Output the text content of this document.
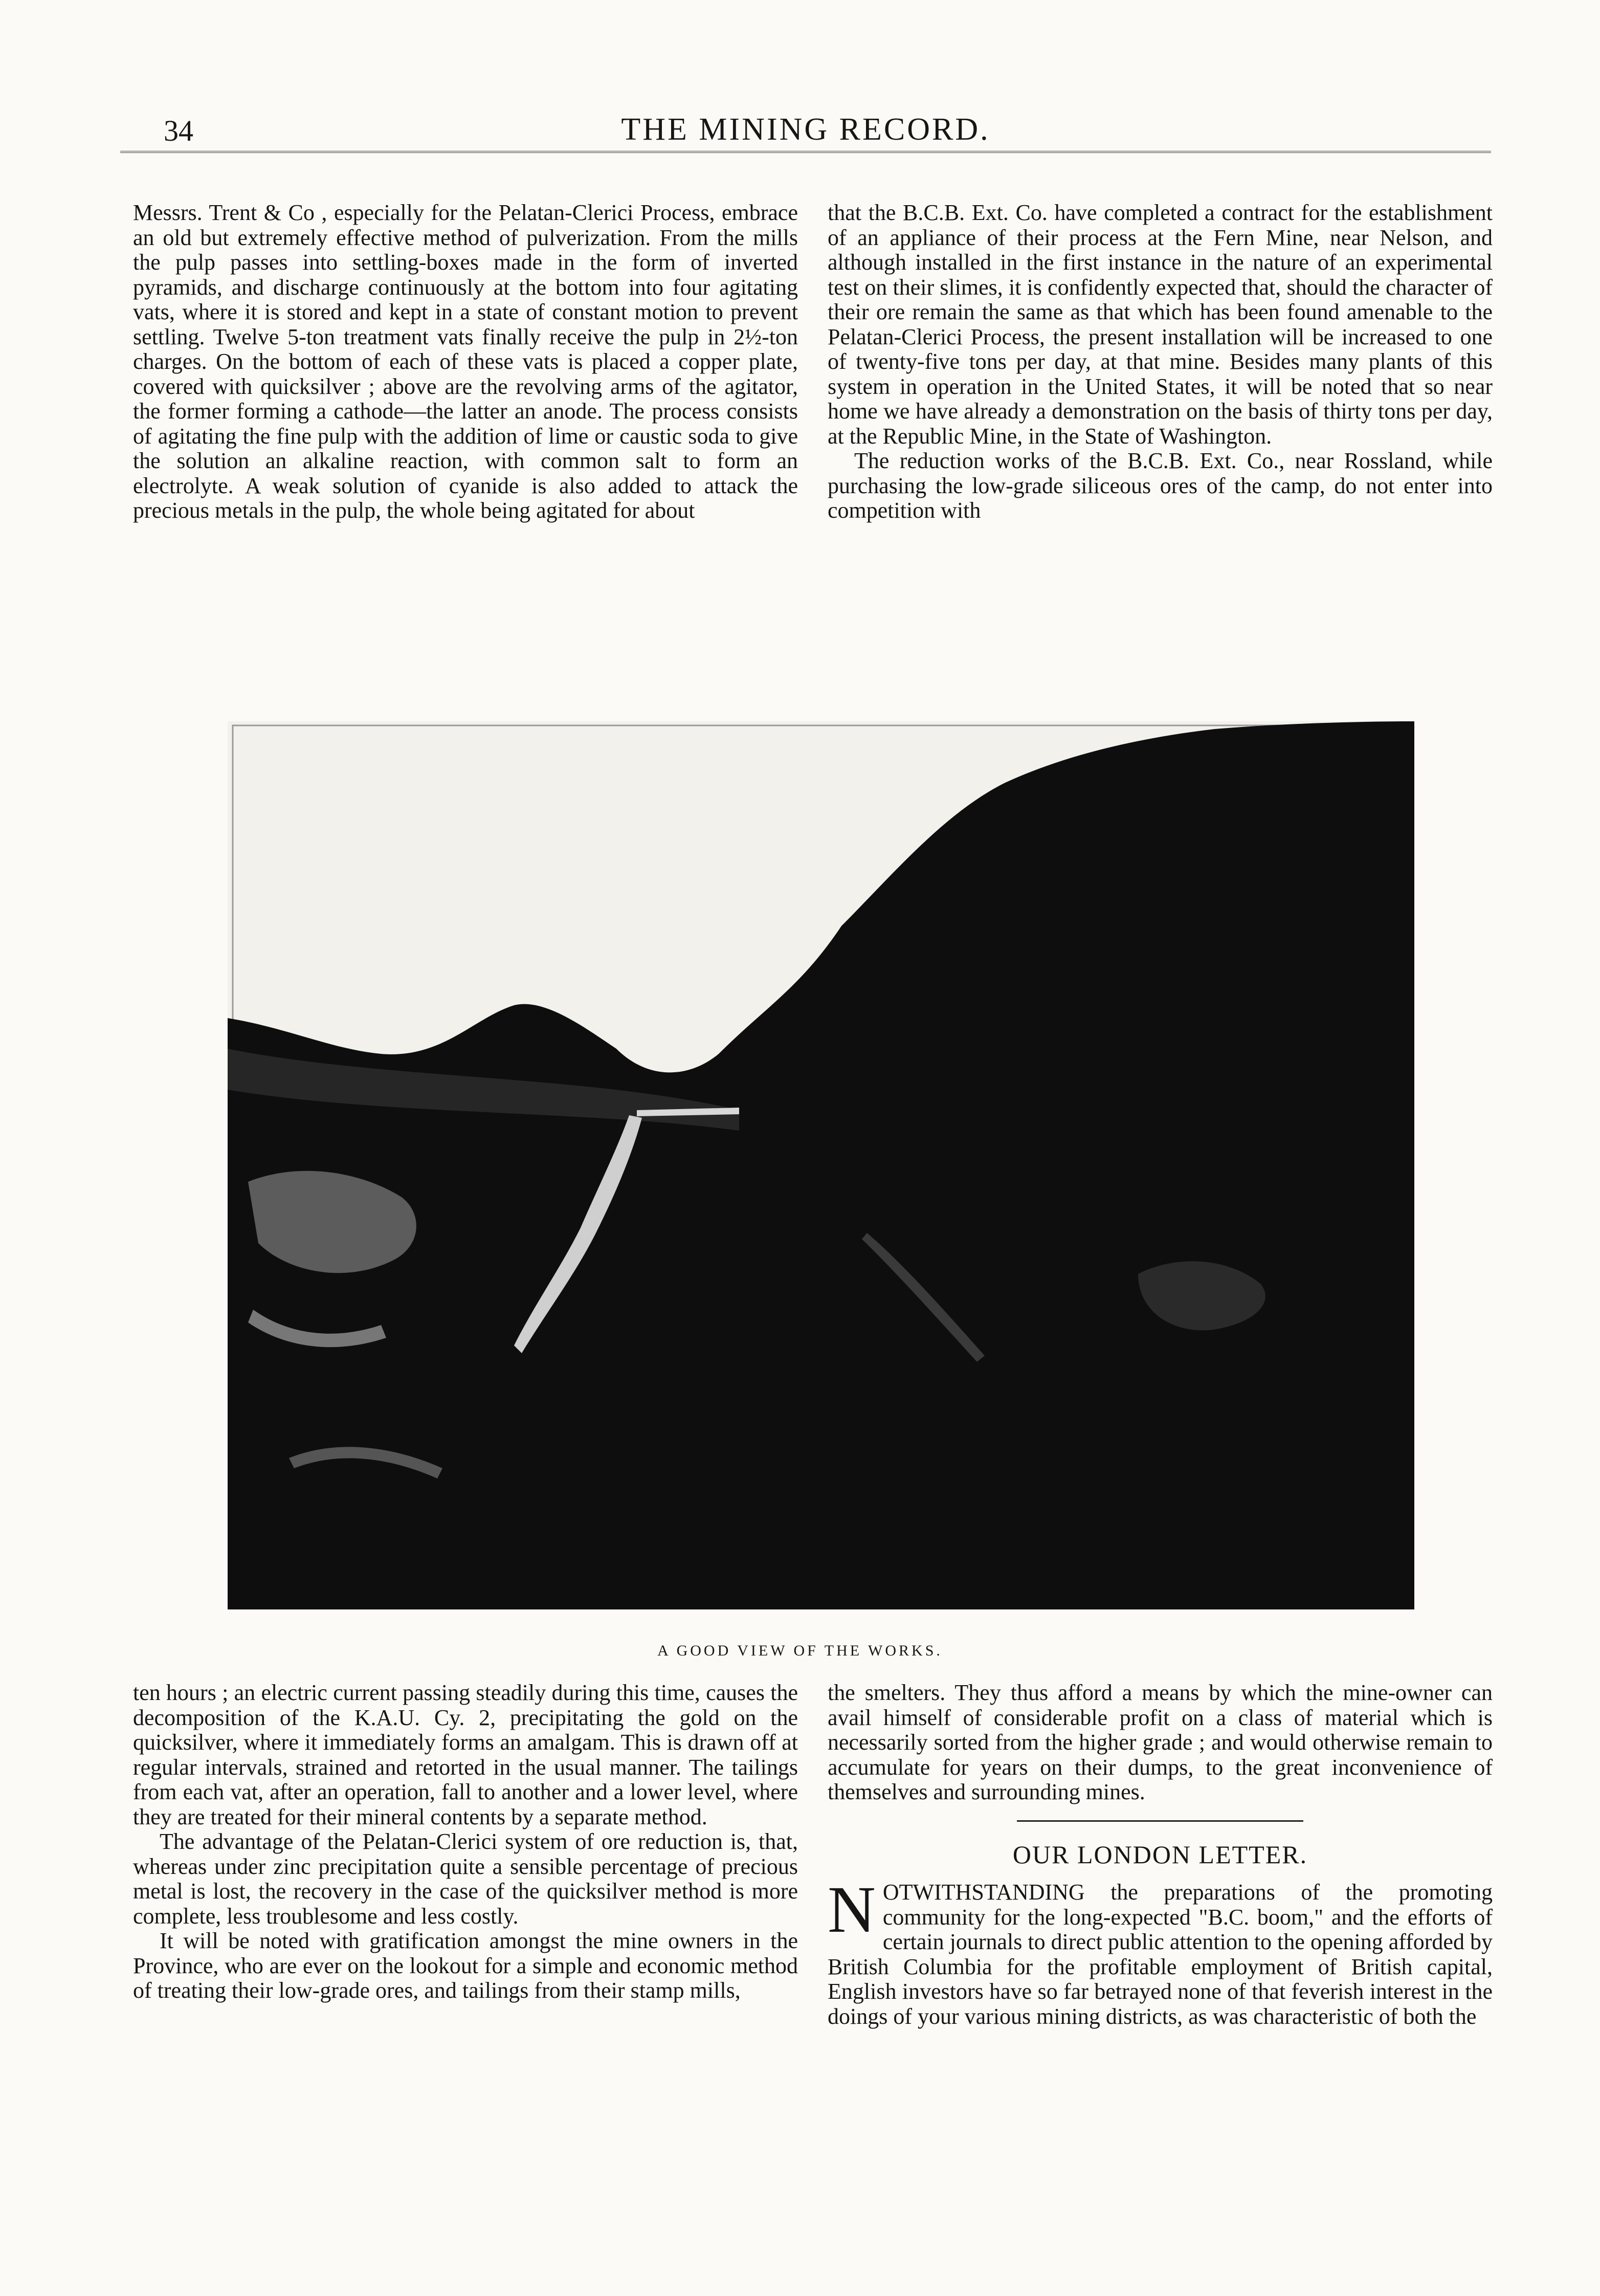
34	THE MINING RECORD.

Messrs. Trent & Co , especially for the Pelatan-Clerici Process, embrace an old but extremely effective method of pulverization. From the mills the pulp passes into settling-boxes made in the form of inverted pyramids, and discharge continuously at the bottom into four agitating vats, where it is stored and kept in a state of constant motion to prevent settling. Twelve 5-ton treatment vats finally receive the pulp in 2½-ton charges. On the bottom of each of these vats is placed a copper plate, covered with quicksilver ; above are the revolving arms of the agitator, the former forming a cathode—the latter an anode. The process consists of agitating the fine pulp with the addition of lime or caustic soda to give the solution an alkaline reaction, with common salt to form an electrolyte. A weak solution of cyanide is also added to attack the precious metals in the pulp, the whole being agitated for about

that the B.C.B. Ext. Co. have completed a contract for the establishment of an appliance of their process at the Fern Mine, near Nelson, and although installed in the first instance in the nature of an experimental test on their slimes, it is confidently expected that, should the character of their ore remain the same as that which has been found amenable to the Pelatan-Clerici Process, the present installation will be increased to one of twenty-five tons per day, at that mine. Besides many plants of this system in operation in the United States, it will be noted that so near home we have already a demonstration on the basis of thirty tons per day, at the Republic Mine, in the State of Washington.

The reduction works of the B.C.B. Ext. Co., near Rossland, while purchasing the low-grade siliceous ores of the camp, do not enter into competition with

A GOOD VIEW OF THE WORKS.

ten hours ; an electric current passing steadily during this time, causes the decomposition of the K.A.U. Cy. 2, precipitating the gold on the quicksilver, where it immediately forms an amalgam. This is drawn off at regular intervals, strained and retorted in the usual manner. The tailings from each vat, after an operation, fall to another and a lower level, where they are treated for their mineral contents by a separate method.

The advantage of the Pelatan-Clerici system of ore reduction is, that, whereas under zinc precipitation quite a sensible percentage of precious metal is lost, the recovery in the case of the quicksilver method is more complete, less troublesome and less costly.

It will be noted with gratification amongst the mine owners in the Province, who are ever on the lookout for a simple and economic method of treating their low-grade ores, and tailings from their stamp mills,

the smelters. They thus afford a means by which the mine-owner can avail himself of considerable profit on a class of material which is necessarily sorted from the higher grade ; and would otherwise remain to accumulate for years on their dumps, to the great inconvenience of themselves and surrounding mines.

OUR LONDON LETTER.

NOTWITHSTANDING the preparations of the promoting community for the long-expected "B.C. boom," and the efforts of certain journals to direct public attention to the opening afforded by British Columbia for the profitable employment of British capital, English investors have so far betrayed none of that feverish interest in the doings of your various mining districts, as was characteristic of both the
